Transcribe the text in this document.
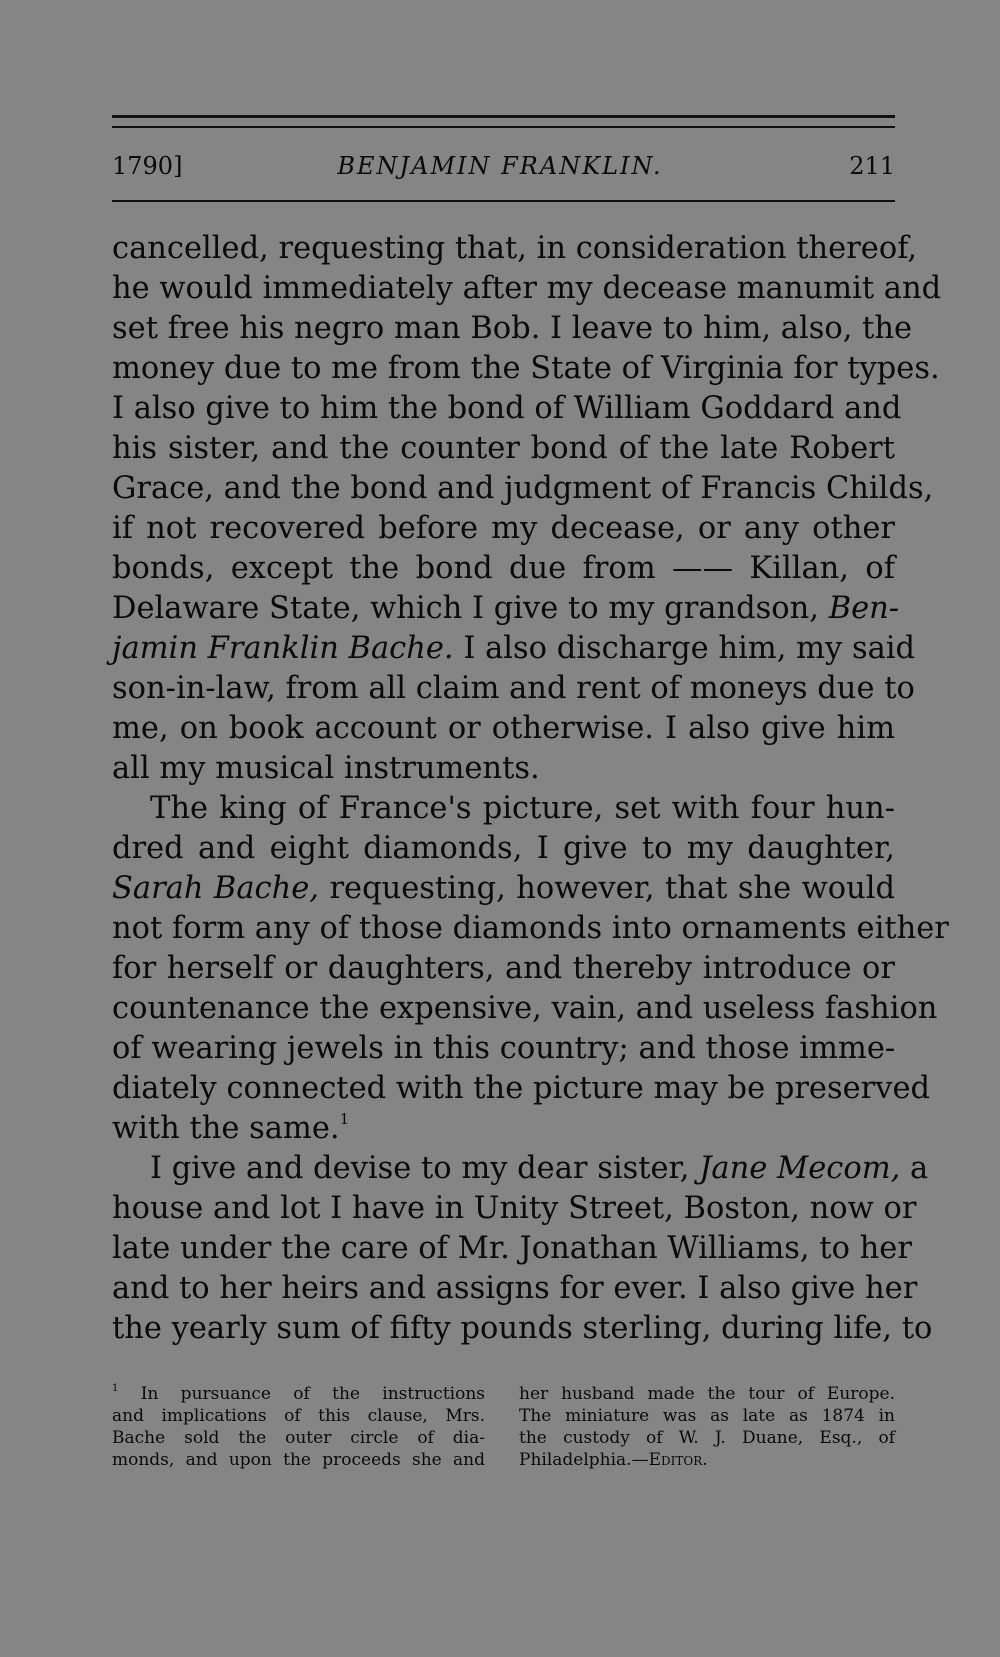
1790]	BENJAMIN FRANKLIN.	211
cancelled, requesting that, in consideration thereof,
he would immediately after my decease manumit and
set free his negro man Bob. I leave to him, also, the
money due to me from the State of Virginia for types.
I also give to him the bond of William Goddard and
his sister, and the counter bond of the late Robert
Grace, and the bond and judgment of Francis Childs,
if not recovered before my decease, or any other
bonds, except the bond due from —— Killan, of
Delaware State, which I give to my grandson, Ben-
jamin Franklin Bache. I also discharge him, my said
son-in-law, from all claim and rent of moneys due to
me, on book account or otherwise. I also give him
all my musical instruments.
The king of France's picture, set with four hun-
dred and eight diamonds, I give to my daughter,
Sarah Bache, requesting, however, that she would
not form any of those diamonds into ornaments either
for herself or daughters, and thereby introduce or
countenance the expensive, vain, and useless fashion
of wearing jewels in this country; and those imme-
diately connected with the picture may be preserved
with the same.$^1$
I give and devise to my dear sister, Jane Mecom, a
house and lot I have in Unity Street, Boston, now or
late under the care of Mr. Jonathan Williams, to her
and to her heirs and assigns for ever. I also give her
the yearly sum of fifty pounds sterling, during life, to
$^1$ In pursuance of the instructions
and implications of this clause, Mrs.
Bache sold the outer circle of dia-
monds, and upon the proceeds she and
her husband made the tour of Europe.
The miniature was as late as 1874 in
the custody of W. J. Duane, Esq., of
Philadelphia.—Editor.
